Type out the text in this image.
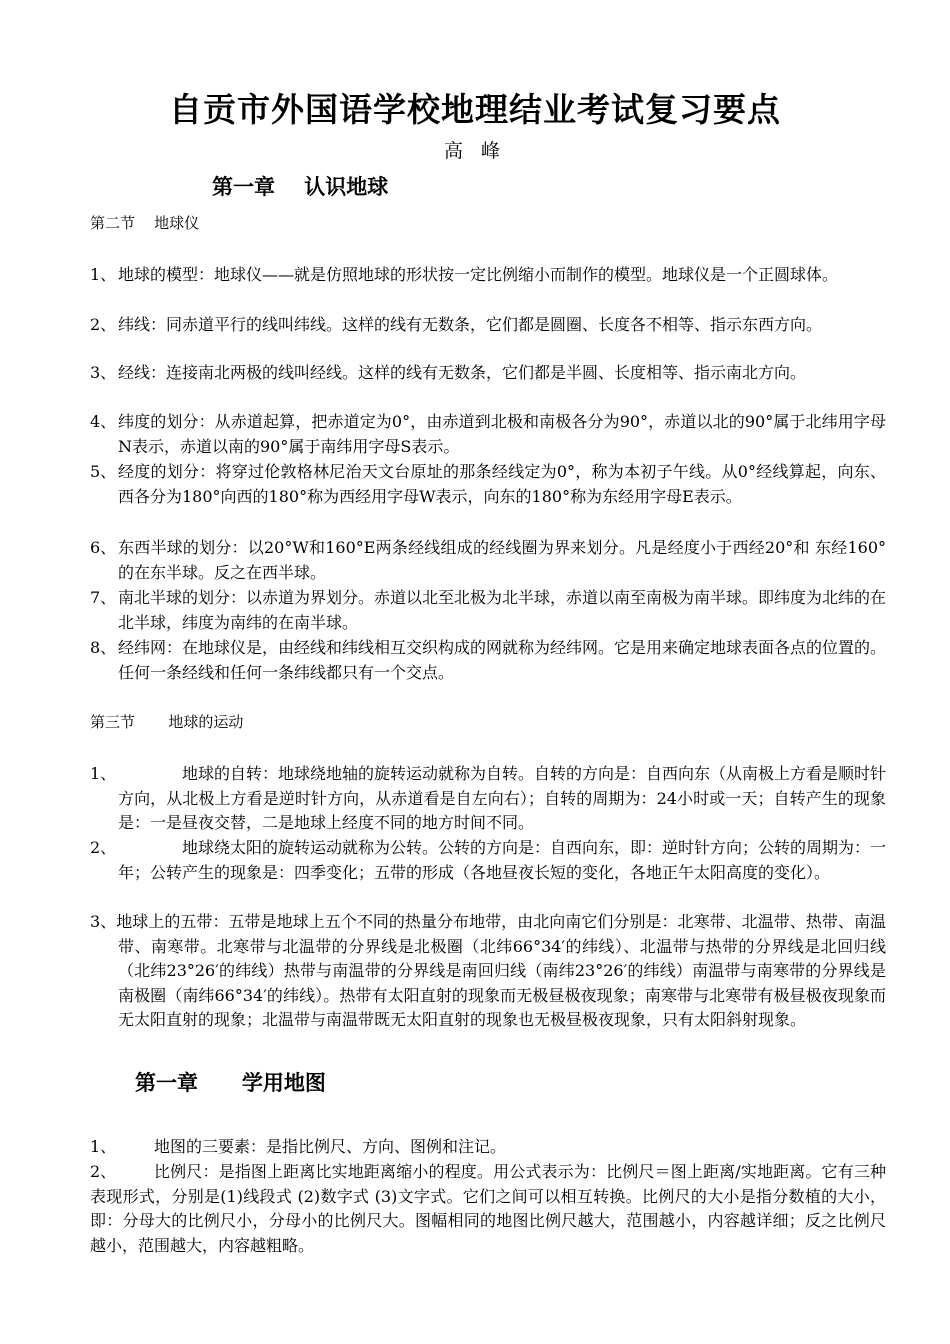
自贡市外国语学校地理结业考试复习要点
高 峰
第一章 认识地球
第二节 地球仪
1、 地球的模型：地球仪——就是仿照地球的形状按一定比例缩小而制作的模型。地球仪是一个正圆球体。
2、 纬线：同赤道平行的线叫纬线。这样的线有无数条，它们都是圆圈、长度各不相等、指示东西方向。
3、 经线：连接南北两极的线叫经线。这样的线有无数条，它们都是半圆、长度相等、指示南北方向。
4、 纬度的划分：从赤道起算，把赤道定为0°，由赤道到北极和南极各分为90°，赤道以北的90°属于北纬用字母N表示，赤道以南的90°属于南纬用字母S表示。
5、 经度的划分：将穿过伦敦格林尼治天文台原址的那条经线定为0°，称为本初子午线。从0°经线算起，向东、西各分为180°向西的180°称为西经用字母W表示，向东的180°称为东经用字母E表示。
6、 东西半球的划分：以20°W和160°E两条经线组成的经线圈为界来划分。凡是经度小于西经20°和 东经160°的在东半球。反之在西半球。
7、 南北半球的划分：以赤道为界划分。赤道以北至北极为北半球，赤道以南至南极为南半球。即纬度为北纬的在北半球，纬度为南纬的在南半球。
8、 经纬网：在地球仪是，由经线和纬线相互交织构成的网就称为经纬网。它是用来确定地球表面各点的位置的。任何一条经线和任何一条纬线都只有一个交点。
第三节 地球的运动
1、	地球的自转：地球绕地轴的旋转运动就称为自转。自转的方向是：自西向东（从南极上方看是顺时针方向，从北极上方看是逆时针方向，从赤道看是自左向右）；自转的周期为：24小时或一天；自转产生的现象是：一是昼夜交替，二是地球上经度不同的地方时间不同。
2、	地球绕太阳的旋转运动就称为公转。公转的方向是：自西向东，即：逆时针方向；公转的周期为：一年；公转产生的现象是：四季变化；五带的形成（各地昼夜长短的变化，各地正午太阳高度的变化）。
3、地球上的五带：五带是地球上五个不同的热量分布地带，由北向南它们分别是：北寒带、北温带、热带、南温带、南寒带。北寒带与北温带的分界线是北极圈（北纬66°34′的纬线）、北温带与热带的分界线是北回归线（北纬23°26′的纬线）热带与南温带的分界线是南回归线（南纬23°26′的纬线）南温带与南寒带的分界线是南极圈（南纬66°34′的纬线）。热带有太阳直射的现象而无极昼极夜现象；南寒带与北寒带有极昼极夜现象而无太阳直射的现象；北温带与南温带既无太阳直射的现象也无极昼极夜现象，只有太阳斜射现象。
第一章 学用地图
1、	地图的三要素：是指比例尺、方向、图例和注记。
2、	比例尺：是指图上距离比实地距离缩小的程度。用公式表示为：比例尺＝图上距离/实地距离。它有三种表现形式，分别是(1)线段式 (2)数字式 (3)文字式。它们之间可以相互转换。比例尺的大小是指分数植的大小，即：分母大的比例尺小，分母小的比例尺大。图幅相同的地图比例尺越大，范围越小，内容越详细；反之比例尺越小，范围越大，内容越粗略。
